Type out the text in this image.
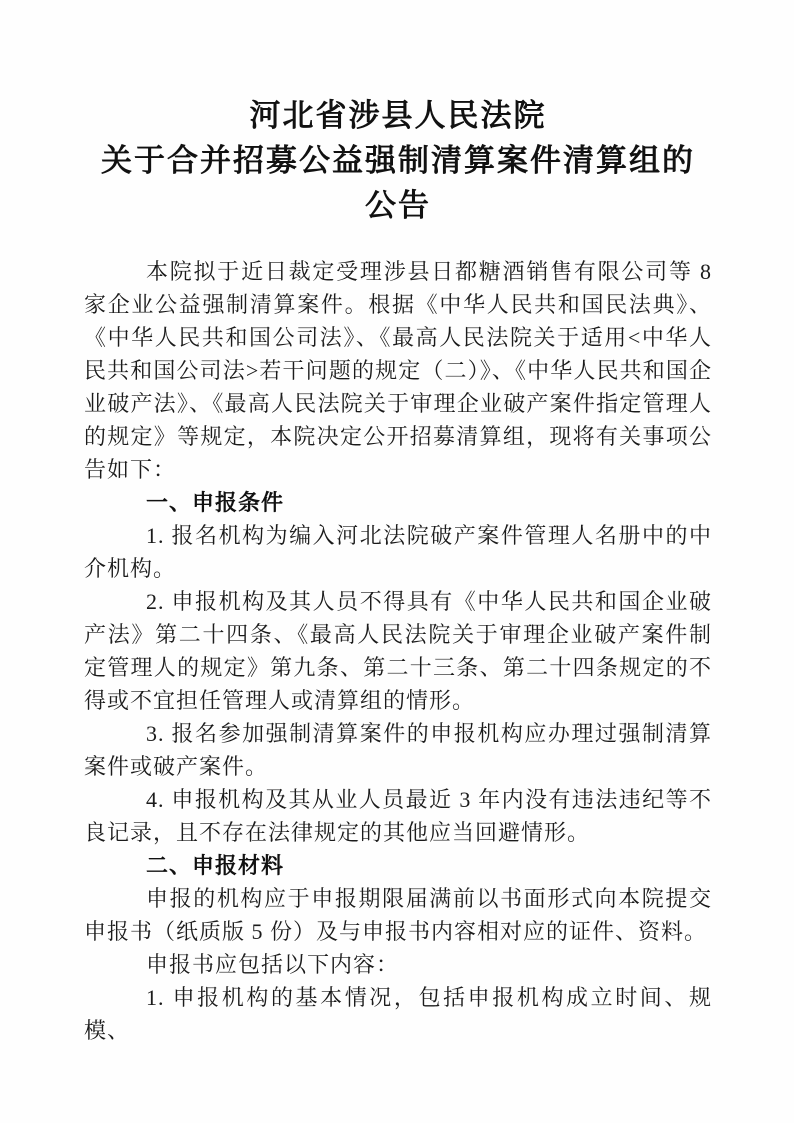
河北省涉县人民法院
关于合并招募公益强制清算案件清算组的
公告

本院拟于近日裁定受理涉县日都糖酒销售有限公司等 8 家企业公益强制清算案件。根据《中华人民共和国民法典》、《中华人民共和国公司法》、《最高人民法院关于适用<中华人民共和国公司法>若干问题的规定（二）》、《中华人民共和国企业破产法》、《最高人民法院关于审理企业破产案件指定管理人的规定》等规定，本院决定公开招募清算组，现将有关事项公告如下：

一、申报条件

1. 报名机构为编入河北法院破产案件管理人名册中的中介机构。

2. 申报机构及其人员不得具有《中华人民共和国企业破产法》第二十四条、《最高人民法院关于审理企业破产案件制定管理人的规定》第九条、第二十三条、第二十四条规定的不得或不宜担任管理人或清算组的情形。

3. 报名参加强制清算案件的申报机构应办理过强制清算案件或破产案件。

4. 申报机构及其从业人员最近 3 年内没有违法违纪等不良记录，且不存在法律规定的其他应当回避情形。

二、申报材料

申报的机构应于申报期限届满前以书面形式向本院提交申报书（纸质版 5 份）及与申报书内容相对应的证件、资料。

申报书应包括以下内容：

1. 申报机构的基本情况，包括申报机构成立时间、规模、
